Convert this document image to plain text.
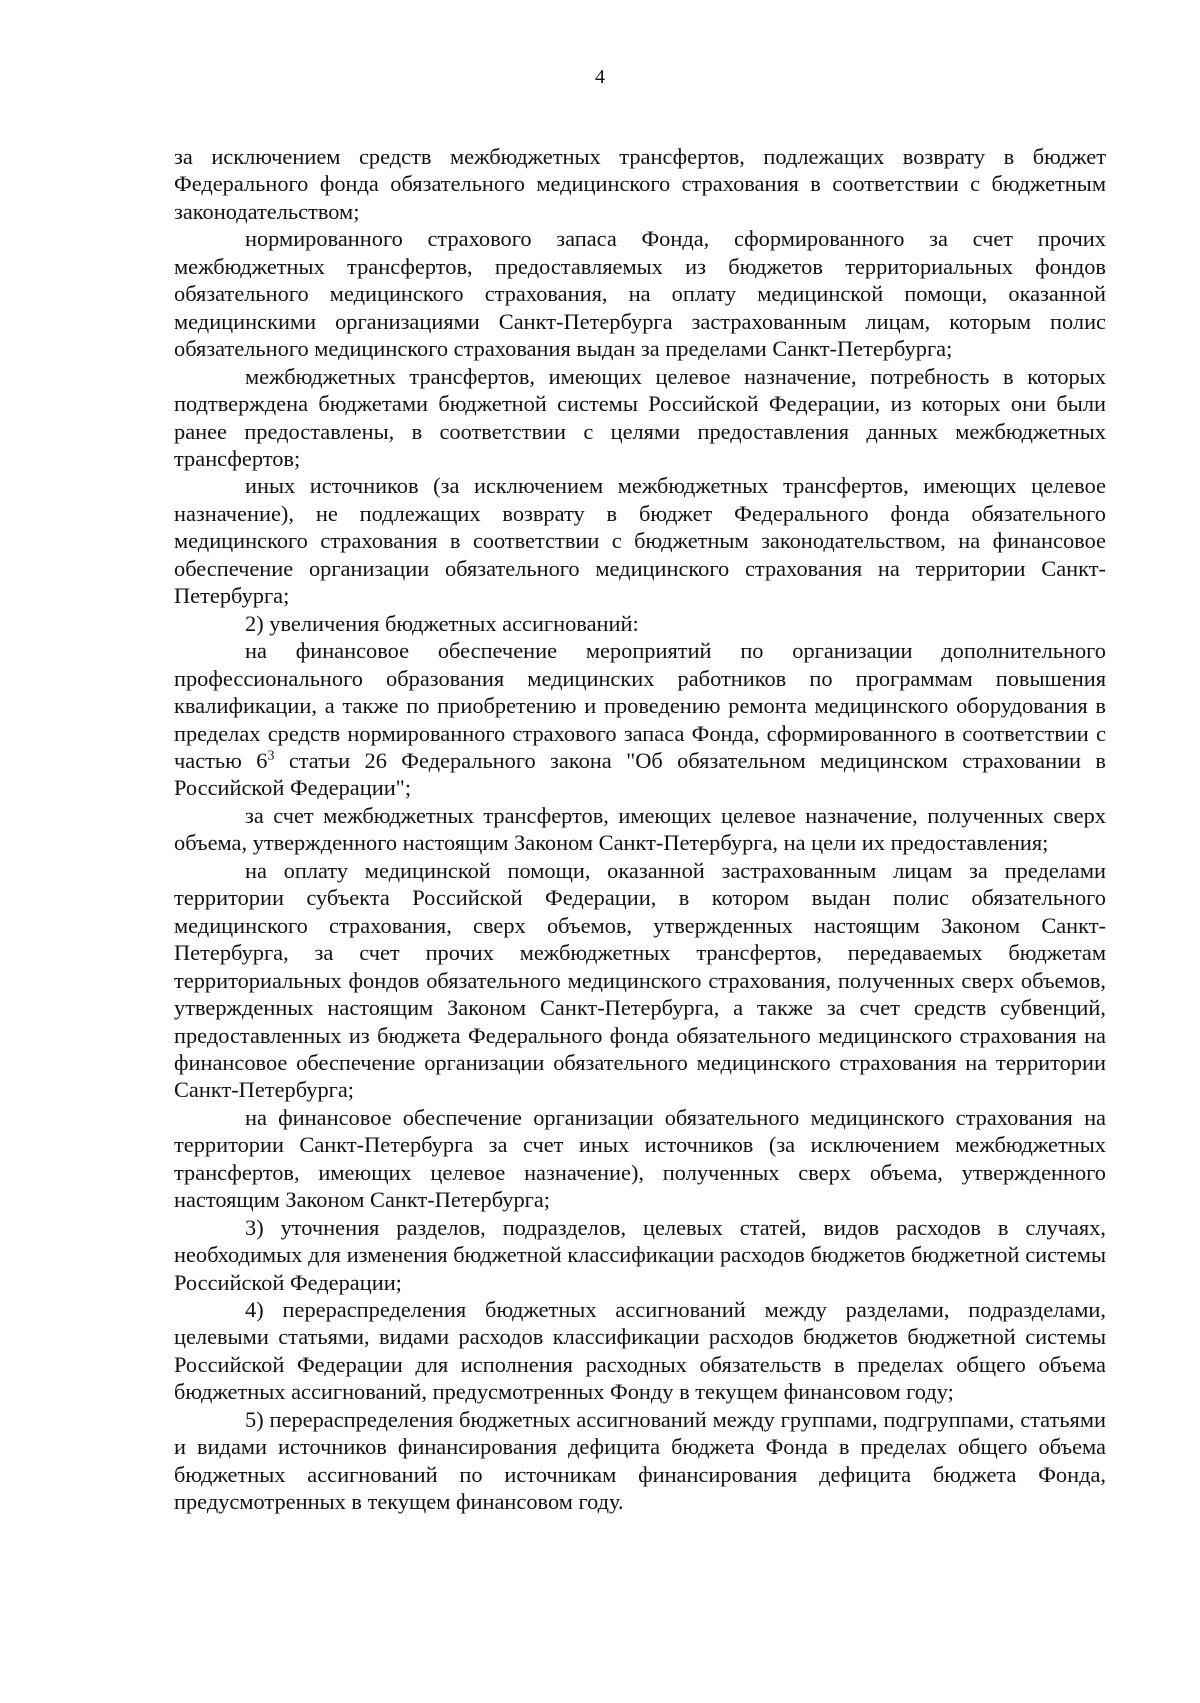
4

за исключением средств межбюджетных трансфертов, подлежащих возврату в бюджет Федерального фонда обязательного медицинского страхования в соответствии с бюджетным законодательством;

нормированного страхового запаса Фонда, сформированного за счет прочих межбюджетных трансфертов, предоставляемых из бюджетов территориальных фондов обязательного медицинского страхования, на оплату медицинской помощи, оказанной медицинскими организациями Санкт-Петербурга застрахованным лицам, которым полис обязательного медицинского страхования выдан за пределами Санкт-Петербурга;

межбюджетных трансфертов, имеющих целевое назначение, потребность в которых подтверждена бюджетами бюджетной системы Российской Федерации, из которых они были ранее предоставлены, в соответствии с целями предоставления данных межбюджетных трансфертов;

иных источников (за исключением межбюджетных трансфертов, имеющих целевое назначение), не подлежащих возврату в бюджет Федерального фонда обязательного медицинского страхования в соответствии с бюджетным законодательством, на финансовое обеспечение организации обязательного медицинского страхования на территории Санкт-Петербурга;

2) увеличения бюджетных ассигнований:

на финансовое обеспечение мероприятий по организации дополнительного профессионального образования медицинских работников по программам повышения квалификации, а также по приобретению и проведению ремонта медицинского оборудования в пределах средств нормированного страхового запаса Фонда, сформированного в соответствии с частью $6^3$ статьи 26 Федерального закона "Об обязательном медицинском страховании в Российской Федерации";

за счет межбюджетных трансфертов, имеющих целевое назначение, полученных сверх объема, утвержденного настоящим Законом Санкт-Петербурга, на цели их предоставления;

на оплату медицинской помощи, оказанной застрахованным лицам за пределами территории субъекта Российской Федерации, в котором выдан полис обязательного медицинского страхования, сверх объемов, утвержденных настоящим Законом Санкт-Петербурга, за счет прочих межбюджетных трансфертов, передаваемых бюджетам территориальных фондов обязательного медицинского страхования, полученных сверх объемов, утвержденных настоящим Законом Санкт-Петербурга, а также за счет средств субвенций, предоставленных из бюджета Федерального фонда обязательного медицинского страхования на финансовое обеспечение организации обязательного медицинского страхования на территории Санкт-Петербурга;

на финансовое обеспечение организации обязательного медицинского страхования на территории Санкт-Петербурга за счет иных источников (за исключением межбюджетных трансфертов, имеющих целевое назначение), полученных сверх объема, утвержденного настоящим Законом Санкт-Петербурга;

3) уточнения разделов, подразделов, целевых статей, видов расходов в случаях, необходимых для изменения бюджетной классификации расходов бюджетов бюджетной системы Российской Федерации;

4) перераспределения бюджетных ассигнований между разделами, подразделами, целевыми статьями, видами расходов классификации расходов бюджетов бюджетной системы Российской Федерации для исполнения расходных обязательств в пределах общего объема бюджетных ассигнований, предусмотренных Фонду в текущем финансовом году;

5) перераспределения бюджетных ассигнований между группами, подгруппами, статьями и видами источников финансирования дефицита бюджета Фонда в пределах общего объема бюджетных ассигнований по источникам финансирования дефицита бюджета Фонда, предусмотренных в текущем финансовом году.
